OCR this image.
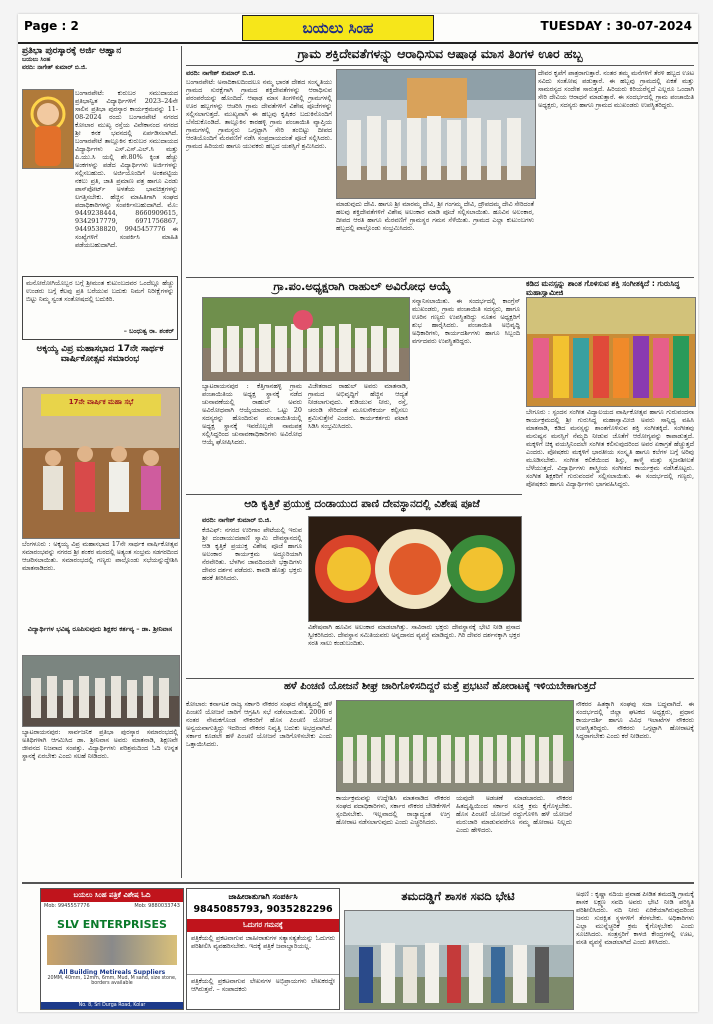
Page : 2	ಬಯಲು ಸಿಂಹ	TUESDAY : 30-07-2024
ಪ್ರತಿಭಾ ಪುರಸ್ಕಾರಕ್ಕೆ ಅರ್ಜಿ ಆಹ್ವಾನ
ಬಯಲು ಸಿಂಹ
ವರದಿ: ನಾಗೇಶ್ ಕುಮಾರ್ ಬಿ.ಜಿ.
ಬಂಗಾರಪೇಟೆ: ಕುರುಬರ ಸಮುದಾಯದ ಪ್ರತಿಭಾನ್ವಿತ ವಿದ್ಯಾರ್ಥಿಗಳಿಗೆ 2023–24ನೇ ಸಾಲಿನ ಪ್ರತಿಭಾ ಪುರಸ್ಕಾರ ಕಾರ್ಯಕ್ರಮವನ್ನು 11-08-2024 ರಂದು ಬಂಗಾರಪೇಟೆ ನಗರದ ಕೋಲಾರ ಮುಖ್ಯ ರಸ್ತೆಯ ವಿವೇಕಾನಂದ ನಗರದ ಶ್ರೀ ಕನಕ ಭವನದಲ್ಲಿ ಏರ್ಪಡಿಸಲಾಗಿದೆ. ಬಂಗಾರಪೇಟೆ ತಾಲ್ಲೂಕಿನ ಕುರುಬರ ಸಮುದಾಯದ ವಿದ್ಯಾರ್ಥಿಗಳು ಎಸ್.ಎಸ್.ಎಲ್.ಸಿ ಮತ್ತು ಪಿ.ಯು.ಸಿ ಯಲ್ಲಿ ಶೇ.80% ಕ್ಕಿಂತ ಹೆಚ್ಚು ಅಂಕಗಳನ್ನು ಪಡೆದ ವಿದ್ಯಾರ್ಥಿಗಳು ಅರ್ಜಿಗಳನ್ನು ಸಲ್ಲಿಸಬಹುದು. ಅರ್ಜಿಯೊಂದಿಗೆ ಅಂಕಪಟ್ಟಿಯ ನಕಲು ಪ್ರತಿ, ಜಾತಿ ಪ್ರಮಾಣ ಪತ್ರ ಹಾಗೂ ಎರಡು ಪಾಸ್‌ಪೋರ್ಟ್ ಅಳತೆಯ ಭಾವಚಿತ್ರಗಳನ್ನು ಲಗತ್ತಿಸಬೇಕು. ಹೆಚ್ಚಿನ ಮಾಹಿತಿಗಾಗಿ ಸಂಘದ ಪದಾಧಿಕಾರಿಗಳನ್ನು ಸಂಪರ್ಕಿಸಬಹುದಾಗಿದೆ. ಮೊ: 9449238444, 8660909615, 9342917779, 6971756867, 9449538820, 9945457776 ಈ ಸಂಖ್ಯೆಗಳಿಗೆ ಸಂಪರ್ಕಿಸಿ ಮಾಹಿತಿ ಪಡೆಯಬಹುದಾಗಿದೆ.
ಮನೋರೋಗಿಯೊಬ್ಬರ ಬಗ್ಗೆ ಶ್ರೀಮಂತ ಕುಟುಂಬದವರ ಒಂದೆಲ್ಲೂ ಹೆಚ್ಚು ಉಂಡರು ಬಗ್ಗೆ ಕೆಲವು ಪ್ರತಿ ಬರೆಯುವ ಬದುಕು ನಿಮಗೆ ನಿರೀಕ್ಷೆಗಳನ್ನು ಬಿಟ್ಟು ನಿಮ್ಮ ಸ್ವಂತ ಸಂತೋಷದಲ್ಲಿ ಬದುಕಿರಿ.
– ಬಂಧುತ್ವ ರಾ. ಶಂಕರ್
ಅಕ್ಕಯ್ಯ ವಿಪ್ರ ಮಹಾಸಭಾದ 17ನೇ ಸಾರ್ಥಕ ವಾರ್ಷಿಕೋತ್ಸವ ಸಮಾರಂಭ
17ನೇ ವಾರ್ಷಿಕ ಮಹಾ ಸಭೆ
ಬೆಂಗಳೂರು : ಅಕ್ಕಯ್ಯ ವಿಪ್ರ ಮಹಾಸಭಾದ 17ನೇ ಸಾರ್ಥಕ ವಾರ್ಷಿಕೋತ್ಸವ ಸಮಾರಂಭವನ್ನು ನಗರದ ಶ್ರೀ ಶಂಕರ ಮಠದಲ್ಲಿ ಅತ್ಯಂತ ಸಂಭ್ರಮ ಸಡಗರದಿಂದ ಆಚರಿಸಲಾಯಿತು. ಸಮಾರಂಭದಲ್ಲಿ ಗಣ್ಯರು ಪಾಲ್ಗೊಂಡು ಸಭೆಯನ್ನುದ್ದೇಶಿಸಿ ಮಾತನಾಡಿದರು.
ವಿದ್ಯಾರ್ಥಿಗಳ ಭವಿಷ್ಯ ರೂಪಿಸುವುದು ಶಿಕ್ಷಕರ ಕರ್ತವ್ಯ – ಡಾ. ಶ್ರೀನಿವಾಸ
ಬ್ಯಾಟರಾಯನಪುರ: ಸಾರ್ವಜನಿಕ ಪ್ರತಿಭಾ ಪುರಸ್ಕಾರ ಸಮಾರಂಭದಲ್ಲಿ ಅತಿಥಿಗಳಾಗಿ ಆಗಮಿಸಿದ ಡಾ. ಶ್ರೀನಿವಾಸ ಅವರು ಮಾತನಾಡಿ, ಶಿಕ್ಷಣವೇ ಜೀವನದ ನಿಜವಾದ ಸಂಪತ್ತು. ವಿದ್ಯಾರ್ಥಿಗಳು ಪರಿಶ್ರಮದಿಂದ ಓದಿ ಉನ್ನತ ಸ್ಥಾನಕ್ಕೆ ಏರಬೇಕು ಎಂದು ಸಲಹೆ ನೀಡಿದರು.
ಗ್ರಾಮ ಶಕ್ತಿದೇವತೆಗಳನ್ನು ಆರಾಧಿಸುವ ಆಷಾಢ ಮಾಸ ತಿಂಗಳ ಊರ ಹಬ್ಬ
ವರದಿ: ನಾಗೇಶ್ ಕುಮಾರ್ ಬಿ.ಜಿ.
ಬಂಗಾರಪೇಟೆ: ಅನಾದಿಕಾಲದಿಂದಲೂ ನಮ್ಮ ಭಾರತ ದೇಶದ ಸಂಸ್ಕೃತಿಯು ಗ್ರಾಮದ ಸುರಕ್ಷೆಗಾಗಿ ಗ್ರಾಮದ ಶಕ್ತಿದೇವತೆಗಳನ್ನು ಆರಾಧಿಸುವ ಪರಂಪರೆಯನ್ನು ಹೊಂದಿದೆ. ಆಷಾಢ ಮಾಸ ತಿಂಗಳಿನಲ್ಲಿ ಗ್ರಾಮಗಳಲ್ಲಿ ಊರ ಹಬ್ಬಗಳನ್ನು ಆಚರಿಸಿ ಗ್ರಾಮ ದೇವತೆಗಳಿಗೆ ವಿಶೇಷ ಪೂಜೆಗಳನ್ನು ಸಲ್ಲಿಸಲಾಗುತ್ತದೆ. ಮುಖ್ಯವಾಗಿ ಈ ಹಬ್ಬವು ಕೃಷಿಕರ ಬದುಕಿನೊಂದಿಗೆ ಬೆಸೆದುಕೊಂಡಿದೆ. ತಾಲ್ಲೂಕಿನ ಕಾರಹಳ್ಳಿ ಗ್ರಾಮ ಪಂಚಾಯಿತಿ ವ್ಯಾಪ್ತಿಯ ಗ್ರಾಮಗಳಲ್ಲಿ ಗ್ರಾಮಸ್ಥರು ಒಗ್ಗಟ್ಟಾಗಿ ಸೇರಿ ತಂಬಿಟ್ಟು ದೀಪದ ಆರತಿಯೊಂದಿಗೆ ಮೆರವಣಿಗೆ ನಡೆಸಿ ಸಂಪ್ರದಾಯದಂತೆ ಪೂಜೆ ಸಲ್ಲಿಸಿದರು. ಗ್ರಾಮದ ಹಿರಿಯರು ಹಾಗೂ ಯುವಕರು ಹಬ್ಬದ ಯಶಸ್ಸಿಗೆ ಶ್ರಮಿಸಿದರು.
ಮಾಡುವುದು ದೇವಿ. ಹಾಗೂ ಶ್ರೀ ಮಾರಮ್ಮ ದೇವಿ, ಶ್ರೀ ಗಂಗಮ್ಮ ದೇವಿ, ದ್ರೌಪದಮ್ಮ ದೇವಿ ಸೇರಿದಂತೆ ಹಲವು ಶಕ್ತಿದೇವತೆಗಳಿಗೆ ವಿಶೇಷ ಅಲಂಕಾರ ಮಾಡಿ ಪೂಜೆ ಸಲ್ಲಿಸಲಾಯಿತು. ಹೂವಿನ ಅಲಂಕಾರ, ದೀಪದ ಆರತಿ ಹಾಗೂ ಮೆರವಣಿಗೆ ಗ್ರಾಮಸ್ಥರ ಗಮನ ಸೆಳೆಯಿತು. ಗ್ರಾಮದ ಎಲ್ಲಾ ಕುಟುಂಬಗಳು ಹಬ್ಬದಲ್ಲಿ ಪಾಲ್ಗೊಂಡು ಸಂಭ್ರಮಿಸಿದರು.
ದೇವರ ಕೃಪೆಗೆ ಪಾತ್ರರಾಗುತ್ತಾರೆ. ನಂತರ ತಮ್ಮ ಮನೆಗಳಿಗೆ ತೆರಳಿ ಹಬ್ಬದ ಊಟ ಸವಿದು ಸಂತೋಷ ಪಡುತ್ತಾರೆ. ಈ ಹಬ್ಬವು ಗ್ರಾಮದಲ್ಲಿ ಏಕತೆ ಮತ್ತು ಸಾಮರಸ್ಯದ ಸಂದೇಶ ಸಾರುತ್ತದೆ. ಹಿರಿಯರು ಕಿರಿಯರೆನ್ನದೆ ಎಲ್ಲರೂ ಒಂದಾಗಿ ಸೇರಿ ದೇವಿಯ ಆರಾಧನೆ ಮಾಡುತ್ತಾರೆ. ಈ ಸಂದರ್ಭದಲ್ಲಿ ಗ್ರಾಮ ಪಂಚಾಯಿತಿ ಅಧ್ಯಕ್ಷರು, ಸದಸ್ಯರು ಹಾಗೂ ಗ್ರಾಮದ ಮುಖಂಡರು ಉಪಸ್ಥಿತರಿದ್ದರು.
ಗ್ರಾ.ಪಂ.ಅಧ್ಯಕ್ಷರಾಗಿ ರಾಹುಲ್ ಅವಿರೋಧ ಆಯ್ಕೆ
ಬ್ಯಾಟರಾಯನಪುರ : ಕೆತ್ತಿಗಾನಹಳ್ಳಿ ಗ್ರಾಮ ಪಂಚಾಯಿತಿಯ ಅಧ್ಯಕ್ಷ ಸ್ಥಾನಕ್ಕೆ ನಡೆದ ಚುನಾವಣೆಯಲ್ಲಿ ರಾಹುಲ್ ಅವರು ಅವಿರೋಧವಾಗಿ ಆಯ್ಕೆಯಾದರು. ಒಟ್ಟು 20 ಸದಸ್ಯರನ್ನು ಹೊಂದಿರುವ ಪಂಚಾಯಿತಿಯಲ್ಲಿ ಅಧ್ಯಕ್ಷ ಸ್ಥಾನಕ್ಕೆ ಇವರೊಬ್ಬರೇ ನಾಮಪತ್ರ ಸಲ್ಲಿಸಿದ್ದರಿಂದ ಚುನಾವಣಾಧಿಕಾರಿಗಳು ಅವಿರೋಧ ಆಯ್ಕೆ ಘೋಷಿಸಿದರು.
ವಿಜೇತರಾದ ರಾಹುಲ್ ಅವರು ಮಾತನಾಡಿ, ಗ್ರಾಮದ ಅಭಿವೃದ್ಧಿಗೆ ಹೆಚ್ಚಿನ ಆದ್ಯತೆ ನೀಡಲಾಗುವುದು. ಕುಡಿಯುವ ನೀರು, ರಸ್ತೆ, ಚರಂಡಿ ಸೇರಿದಂತೆ ಮೂಲಸೌಕರ್ಯ ಕಲ್ಪಿಸಲು ಶ್ರಮಿಸುತ್ತೇನೆ ಎಂದರು. ಕಾರ್ಯಕರ್ತರು ಪಟಾಕಿ ಸಿಡಿಸಿ ಸಂಭ್ರಮಿಸಿದರು.
ಸನ್ಮಾನಿಸಲಾಯಿತು. ಈ ಸಂದರ್ಭದಲ್ಲಿ ಕಾಂಗ್ರೆಸ್ ಮುಖಂಡರು, ಗ್ರಾಮ ಪಂಚಾಯಿತಿ ಸದಸ್ಯರು, ಹಾಗೂ ಊರಿನ ಗಣ್ಯರು ಉಪಸ್ಥಿತರಿದ್ದು ನೂತನ ಅಧ್ಯಕ್ಷರಿಗೆ ಶುಭ ಹಾರೈಸಿದರು. ಪಂಚಾಯಿತಿ ಅಭಿವೃದ್ಧಿ ಅಧಿಕಾರಿಗಳು, ಕಾರ್ಯದರ್ಶಿಗಳು ಹಾಗೂ ಸಿಬ್ಬಂದಿ ವರ್ಗದವರು ಉಪಸ್ಥಿತರಿದ್ದರು.
ಕಡಿದ ಮನಸ್ಸನ್ನು ಶಾಂತ ಗೊಳಿಸುವ ಶಕ್ತಿ ಸಂಗೀತಕ್ಕಿದೆ : ಗುರುಸಿದ್ಧ ಮಹಾಸ್ವಾಮೀಜಿ
ಬೇಗೂರು : ಸ್ಪಂದನ ಸಂಗೀತ ವಿದ್ಯಾಲಯದ ವಾರ್ಷಿಕೋತ್ಸವ ಹಾಗೂ ಗುರುವಂದನಾ ಕಾರ್ಯಕ್ರಮದಲ್ಲಿ ಶ್ರೀ ಗುರುಸಿದ್ಧ ಮಹಾಸ್ವಾಮೀಜಿ ಅವರು ಸಾನ್ನಿಧ್ಯ ವಹಿಸಿ ಮಾತನಾಡಿ, ಕಡಿದ ಮನಸ್ಸನ್ನು ಶಾಂತಗೊಳಿಸುವ ಶಕ್ತಿ ಸಂಗೀತಕ್ಕಿದೆ. ಸಂಗೀತವು ಮನುಷ್ಯನ ಮನಸ್ಸಿಗೆ ನೆಮ್ಮದಿ ನೀಡುವ ಜೊತೆಗೆ ಆರೋಗ್ಯವನ್ನು ಕಾಪಾಡುತ್ತದೆ. ಮಕ್ಕಳಿಗೆ ಚಿಕ್ಕ ವಯಸ್ಸಿನಿಂದಲೇ ಸಂಗೀತ ಕಲಿಸುವುದರಿಂದ ಅವರ ಏಕಾಗ್ರತೆ ಹೆಚ್ಚುತ್ತದೆ ಎಂದರು. ಪೋಷಕರು ಮಕ್ಕಳಿಗೆ ಭಾರತೀಯ ಸಂಸ್ಕೃತಿ ಹಾಗೂ ಕಲೆಗಳ ಬಗ್ಗೆ ಅರಿವು ಮೂಡಿಸಬೇಕು. ಸಂಗೀತ ಕಲಿಕೆಯಿಂದ ಶಿಸ್ತು, ತಾಳ್ಮೆ ಮತ್ತು ಸೃಜನಶೀಲತೆ ಬೆಳೆಯುತ್ತದೆ. ವಿದ್ಯಾರ್ಥಿಗಳು ಶಾಸ್ತ್ರೀಯ ಸಂಗೀತದ ಕಾರ್ಯಕ್ರಮ ನಡೆಸಿಕೊಟ್ಟರು. ಸಂಗೀತ ಶಿಕ್ಷಕರಿಗೆ ಗುರುವಂದನೆ ಸಲ್ಲಿಸಲಾಯಿತು. ಈ ಸಂದರ್ಭದಲ್ಲಿ ಗಣ್ಯರು, ಪೋಷಕರು ಹಾಗೂ ವಿದ್ಯಾರ್ಥಿಗಳು ಭಾಗವಹಿಸಿದ್ದರು.
ಆಡಿ ಕೃತ್ತಿಕೆ ಪ್ರಯುಕ್ತ ದಂಡಾಯುದ ಪಾಣಿ ದೇವಸ್ಥಾನದಲ್ಲಿ ವಿಶೇಷ ಪೂಜೆ
ವರದಿ: ನಾಗೇಶ್ ಕುಮಾರ್ ಬಿ.ಜಿ.
ಕೆಜಿಎಫ್: ನಗರದ ಉರಿಗಾಂ ಪೇಟೆಯಲ್ಲಿ ಇರುವ ಶ್ರೀ ದಂಡಾಯುದಪಾಣಿ ಸ್ವಾಮಿ ದೇವಸ್ಥಾನದಲ್ಲಿ ಆಡಿ ಕೃತ್ತಿಕೆ ಪ್ರಯುಕ್ತ ವಿಶೇಷ ಪೂಜೆ ಹಾಗೂ ಅಲಂಕಾರ ಕಾರ್ಯಕ್ರಮ ಅದ್ಧೂರಿಯಾಗಿ ನೆರವೇರಿತು. ಬೆಳಗಿನ ಜಾವದಿಂದಲೇ ಭಕ್ತಾದಿಗಳು ದೇವರ ದರ್ಶನ ಪಡೆದರು. ಕಾವಡಿ ಹೊತ್ತು ಭಕ್ತರು ಹರಕೆ ತೀರಿಸಿದರು.
ವಿಶೇಷವಾಗಿ ಹೂವಿನ ಅಲಂಕಾರ ಮಾಡಲಾಗಿತ್ತು. ಸಾವಿರಾರು ಭಕ್ತರು ದೇವಸ್ಥಾನಕ್ಕೆ ಭೇಟಿ ನೀಡಿ ಪ್ರಸಾದ ಸ್ವೀಕರಿಸಿದರು. ದೇವಸ್ಥಾನ ಸಮಿತಿಯವರು ಅನ್ನದಾನದ ವ್ಯವಸ್ಥೆ ಮಾಡಿದ್ದರು. ಗಿರಿ ದೇವರ ದರ್ಶನಕ್ಕಾಗಿ ಭಕ್ತರ ಸರತಿ ಸಾಲು ಕಂಡುಬಂದಿತು.
ಹಳೆ ಪಿಂಚಣಿ ಯೋಜನೆ ಶೀಘ್ರ ಜಾರಿಗೊಳಿಸದಿದ್ದರೆ ಮತ್ತೆ ಪ್ರಭಟನೆ ಹೋರಾಟಕ್ಕೆ ಇಳಿಯಬೇಕಾಗುತ್ತದೆ
ಕೋಲಾರ: ಕರ್ನಾಟಕ ರಾಜ್ಯ ಸರ್ಕಾರಿ ನೌಕರರ ಸಂಘದ ನೇತೃತ್ವದಲ್ಲಿ ಹಳೆ ಪಿಂಚಣಿ ಯೋಜನೆ ಜಾರಿಗೆ ಆಗ್ರಹಿಸಿ ಸಭೆ ನಡೆಸಲಾಯಿತು. 2006 ರ ನಂತರ ನೇಮಕಗೊಂಡ ನೌಕರರಿಗೆ ಹೊಸ ಪಿಂಚಣಿ ಯೋಜನೆ ಅನ್ವಯವಾಗುತ್ತಿದ್ದು ಇದರಿಂದ ನೌಕರರ ನಿವೃತ್ತಿ ಬದುಕು ಅಭದ್ರವಾಗಿದೆ. ಸರ್ಕಾರ ಕೂಡಲೇ ಹಳೆ ಪಿಂಚಣಿ ಯೋಜನೆ ಜಾರಿಗೊಳಿಸಬೇಕು ಎಂದು ಒತ್ತಾಯಿಸಿದರು.
ಕಾರ್ಯಕ್ರಮವನ್ನು ಉದ್ದೇಶಿಸಿ ಮಾತನಾಡಿದ ನೌಕರರ ಸಂಘದ ಪದಾಧಿಕಾರಿಗಳು, ಸರ್ಕಾರ ನೌಕರರ ಬೇಡಿಕೆಗಳಿಗೆ ಸ್ಪಂದಿಸಬೇಕು. ಇಲ್ಲವಾದಲ್ಲಿ ರಾಜ್ಯಾದ್ಯಂತ ಉಗ್ರ ಹೋರಾಟ ನಡೆಸಲಾಗುವುದು ಎಂದು ಎಚ್ಚರಿಸಿದರು.
ಯವುದೇ ಅಡಚಣೆ ಮಾಡಬಾರದು. ನೌಕರರ ಹಿತದೃಷ್ಟಿಯಿಂದ ಸರ್ಕಾರ ಸೂಕ್ತ ಕ್ರಮ ಕೈಗೊಳ್ಳಬೇಕು. ಹೊಸ ಪಿಂಚಣಿ ಯೋಜನೆ ರದ್ದುಗೊಳಿಸಿ ಹಳೆ ಯೋಜನೆ ಮರುಜಾರಿ ಮಾಡುವವರೆಗೂ ನಮ್ಮ ಹೋರಾಟ ನಿಲ್ಲದು ಎಂದು ಹೇಳಿದರು.
ನೌಕರರ ಹಿತಕ್ಕಾಗಿ ಸಂಘವು ಸದಾ ಬದ್ಧವಾಗಿದೆ. ಈ ಸಂದರ್ಭದಲ್ಲಿ ಜಿಲ್ಲಾ ಘಟಕದ ಅಧ್ಯಕ್ಷರು, ಪ್ರಧಾನ ಕಾರ್ಯದರ್ಶಿ ಹಾಗೂ ವಿವಿಧ ಇಲಾಖೆಗಳ ನೌಕರರು ಉಪಸ್ಥಿತರಿದ್ದರು. ನೌಕರರು ಒಗ್ಗಟ್ಟಾಗಿ ಹೋರಾಟಕ್ಕೆ ಸಿದ್ಧರಾಗಬೇಕು ಎಂದು ಕರೆ ನೀಡಿದರು.
ಬಯಲು ಸಿಂಹ ಪತ್ರಿಕೆ ವಿಶೇಷ ಓದಿ
Mob: 9945557776	Mob: 9880033743
SLV ENTERPRISES
All Building Metireals Suppliers
20MM, 40mm, 12mm, 6mm, Mud, M sand, size stone, borders available
No. 8, Sri Durga Road, Kolar
ಜಾಹೀರಾತುಗಾಗಿ ಸಂಪರ್ಕಿಸಿ
9845085793, 9035282296
ಓದುಗರ ಗಮನಕ್ಕೆ
ಪತ್ರಿಕೆಯಲ್ಲಿ ಪ್ರಕಟವಾಗುವ ಜಾಹೀರಾತುಗಳ ಸತ್ಯಾಸತ್ಯತೆಯನ್ನು ಓದುಗರು ಪರಿಶೀಲಿಸಿ ವ್ಯವಹರಿಸಬೇಕು. ಇದಕ್ಕೆ ಪತ್ರಿಕೆ ಜವಾಬ್ದಾರಿಯಲ್ಲ.
ಪತ್ರಿಕೆಯಲ್ಲಿ ಪ್ರಕಟವಾಗುವ ಲೇಖನಗಳ ಅಭಿಪ್ರಾಯಗಳು ಲೇಖಕರದ್ದೇ ಆಗಿರುತ್ತವೆ. – ಸಂಪಾದಕರು
ತಮದಡ್ಡಿಗೆ ಶಾಸಕ ಸವದಿ ಭೇಟಿ	ಅಥಣಿ : ಕೃಷ್ಣಾ ನದಿಯ ಪ್ರವಾಹ ಪೀಡಿತ ತಮದಡ್ಡಿ ಗ್ರಾಮಕ್ಕೆ ಶಾಸಕ ಲಕ್ಷ್ಮಣ ಸವದಿ ಅವರು ಭೇಟಿ ನೀಡಿ ಪರಿಸ್ಥಿತಿ ಪರಿಶೀಲಿಸಿದರು. ನದಿ ನೀರು ಏರಿಕೆಯಾಗಿರುವುದರಿಂದ ಜನರು ಸುರಕ್ಷಿತ ಸ್ಥಳಗಳಿಗೆ ತೆರಳಬೇಕು. ಅಧಿಕಾರಿಗಳು ಎಲ್ಲಾ ಮುನ್ನೆಚ್ಚರಿಕೆ ಕ್ರಮ ಕೈಗೊಳ್ಳಬೇಕು ಎಂದು ಸೂಚಿಸಿದರು. ಸಂತ್ರಸ್ತರಿಗೆ ಕಾಳಜಿ ಕೇಂದ್ರಗಳಲ್ಲಿ ಊಟ, ವಸತಿ ವ್ಯವಸ್ಥೆ ಮಾಡಲಾಗಿದೆ ಎಂದು ತಿಳಿಸಿದರು.
